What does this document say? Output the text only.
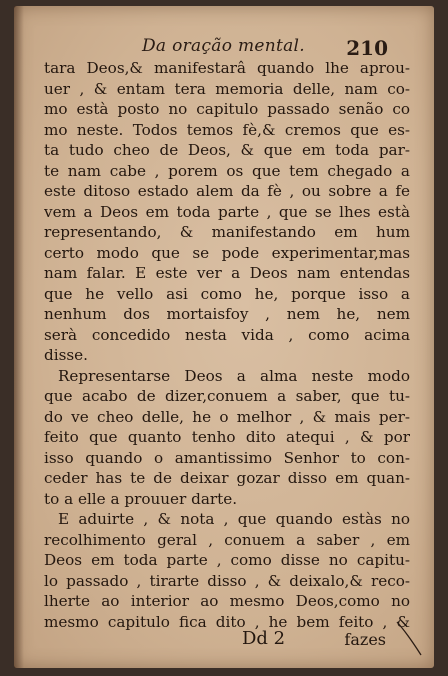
Da oração mental. 210
tara Deos,& manifestarâ quando lhe aprou-
uer , & entam tera memoria delle, nam co-
mo està posto no capitulo passado senão co
mo neste. Todos temos fè,& cremos que es-
ta tudo cheo de Deos, & que em toda par-
te nam cabe , porem os que tem chegado a
este ditoso estado alem da fè , ou sobre a fe
vem a Deos em toda parte , que se lhes està
representando, & manifestando em hum
certo modo que se pode experimentar,mas
nam falar. E este ver a Deos nam entendas
que he vello asi como he, porque isso a
nenhum dos mortaisfoy , nem he, nem
serà concedido nesta vida , como acima
disse.
Representarse Deos a alma neste modo
que acabo de dizer,conuem a saber, que tu-
do ve cheo delle, he o melhor , & mais per-
feito que quanto tenho dito atequi , & por
isso quando o amantissimo Senhor to con-
ceder has te de deixar gozar disso em quan-
to a elle a prouuer darte.
E aduirte , & nota , que quando estàs no
recolhimento geral , conuem a saber , em
Deos em toda parte , como disse no capitu-
lo passado , tirarte disso , & deixalo,& reco-
lherte ao interior ao mesmo Deos,como no
mesmo capitulo fica dito , he bem feito , &
Dd 2	fazes
